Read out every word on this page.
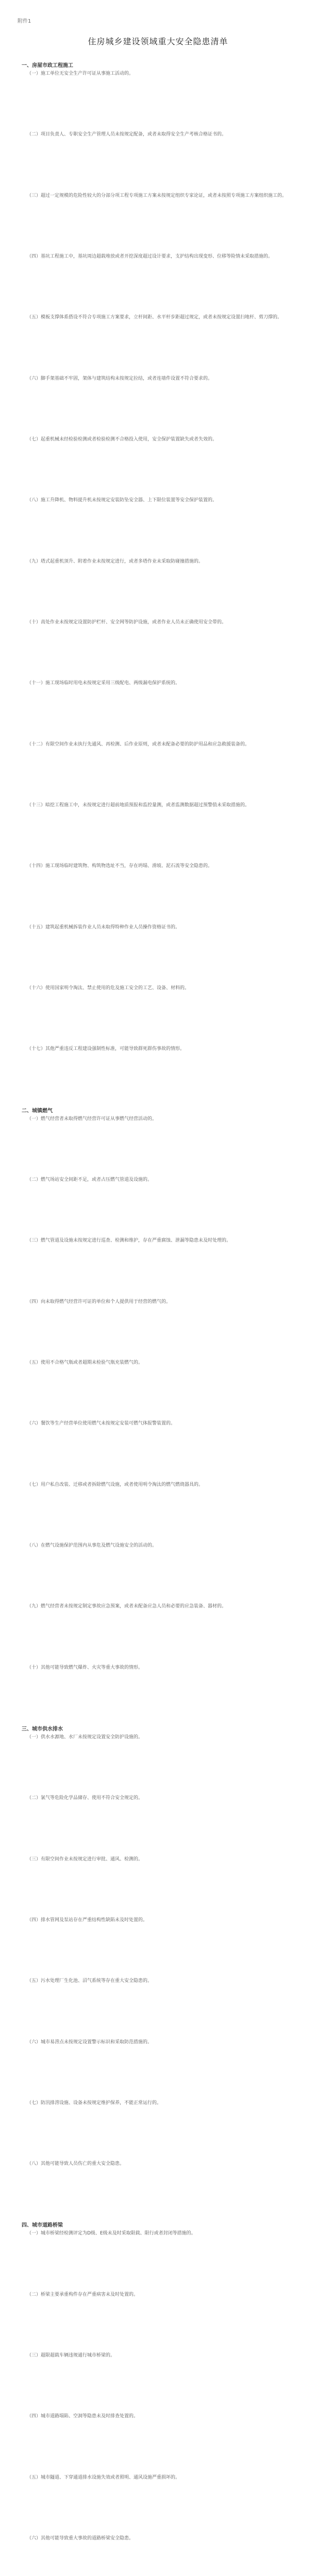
附件1
住房城乡建设领域重大安全隐患清单
一、房屋市政工程施工

（一）施工单位无安全生产许可证从事施工活动的。

（二）项目负责人、专职安全生产管理人员未按规定配备，或者未取得安全生产考核合格证书的。

（三）超过一定规模的危险性较大的分部分项工程专项施工方案未按规定组织专家论证，或者未按照专项施工方案组织施工的。

（四）基坑工程施工中，基坑周边超载堆放或者开挖深度超过设计要求，支护结构出现变形、位移等险情未采取措施的。

（五）模板支撑体系搭设不符合专项施工方案要求，立杆间距、水平杆步距超过规定，或者未按规定设置扫地杆、剪刀撑的。

（六）脚手架基础不牢固，架体与建筑结构未按规定拉结，或者连墙件设置不符合要求的。

（七）起重机械未经检验检测或者检验检测不合格投入使用，安全保护装置缺失或者失效的。

（八）施工升降机、物料提升机未按规定安装防坠安全器、上下限位装置等安全保护装置的。

（九）塔式起重机顶升、附着作业未按规定进行，或者多塔作业未采取防碰撞措施的。

（十）高处作业未按规定设置防护栏杆、安全网等防护设施，或者作业人员未正确使用安全带的。

（十一）施工现场临时用电未按规定采用三级配电、两级漏电保护系统的。

（十二）有限空间作业未执行先通风、再检测、后作业原则，或者未配备必要的防护用品和应急救援装备的。

（十三）暗挖工程施工中，未按规定进行超前地质预报和监控量测，或者监测数据超过预警值未采取措施的。

（十四）施工现场临时建筑物、构筑物选址不当，存在坍塌、滑坡、泥石流等安全隐患的。

（十五）建筑起重机械拆装作业人员未取得特种作业人员操作资格证书的。

（十六）使用国家明令淘汰、禁止使用的危及施工安全的工艺、设备、材料的。

（十七）其他严重违反工程建设强制性标准，可能导致群死群伤事故的情形。

二、城镇燃气

（一）燃气经营者未取得燃气经营许可证从事燃气经营活动的。

（二）燃气场站安全间距不足，或者占压燃气管道及设施的。

（三）燃气管道及设施未按规定进行巡查、检测和维护，存在严重腐蚀、泄漏等隐患未及时处理的。

（四）向未取得燃气经营许可证的单位和个人提供用于经营的燃气的。

（五）使用不合格气瓶或者超期未检验气瓶充装燃气的。

（六）餐饮等生产经营单位使用燃气未按规定安装可燃气体报警装置的。

（七）用户私自改装、迁移或者拆除燃气设施，或者使用明令淘汰的燃气燃烧器具的。

（八）在燃气设施保护范围内从事危及燃气设施安全的活动的。

（九）燃气经营者未按规定制定事故应急预案，或者未配备应急人员和必要的应急装备、器材的。

（十）其他可能导致燃气爆炸、火灾等重大事故的情形。

三、城市供水排水

（一）供水水源地、水厂未按规定设置安全防护设施的。

（二）氯气等危险化学品储存、使用不符合安全规定的。

（三）有限空间作业未按规定进行审批、通风、检测的。

（四）排水管网及泵站存在严重结构性缺陷未及时处置的。

（五）污水处理厂生化池、沼气系统等存在重大安全隐患的。

（六）城市易涝点未按规定设置警示标识和采取防范措施的。

（七）防汛排涝设施、设备未按规定维护保养，不能正常运行的。

（八）其他可能导致人员伤亡的重大安全隐患。

四、城市道路桥梁

（一）城市桥梁经检测评定为D级、E级未及时采取限载、限行或者封闭等措施的。

（二）桥梁主要承重构件存在严重病害未及时处置的。

（三）超限超载车辆违规通行城市桥梁的。

（四）城市道路塌陷、空洞等隐患未及时排查处置的。

（五）城市隧道、下穿通道排水设施失效或者照明、通风设施严重损坏的。

（六）其他可能导致重大事故的道路桥梁安全隐患。
